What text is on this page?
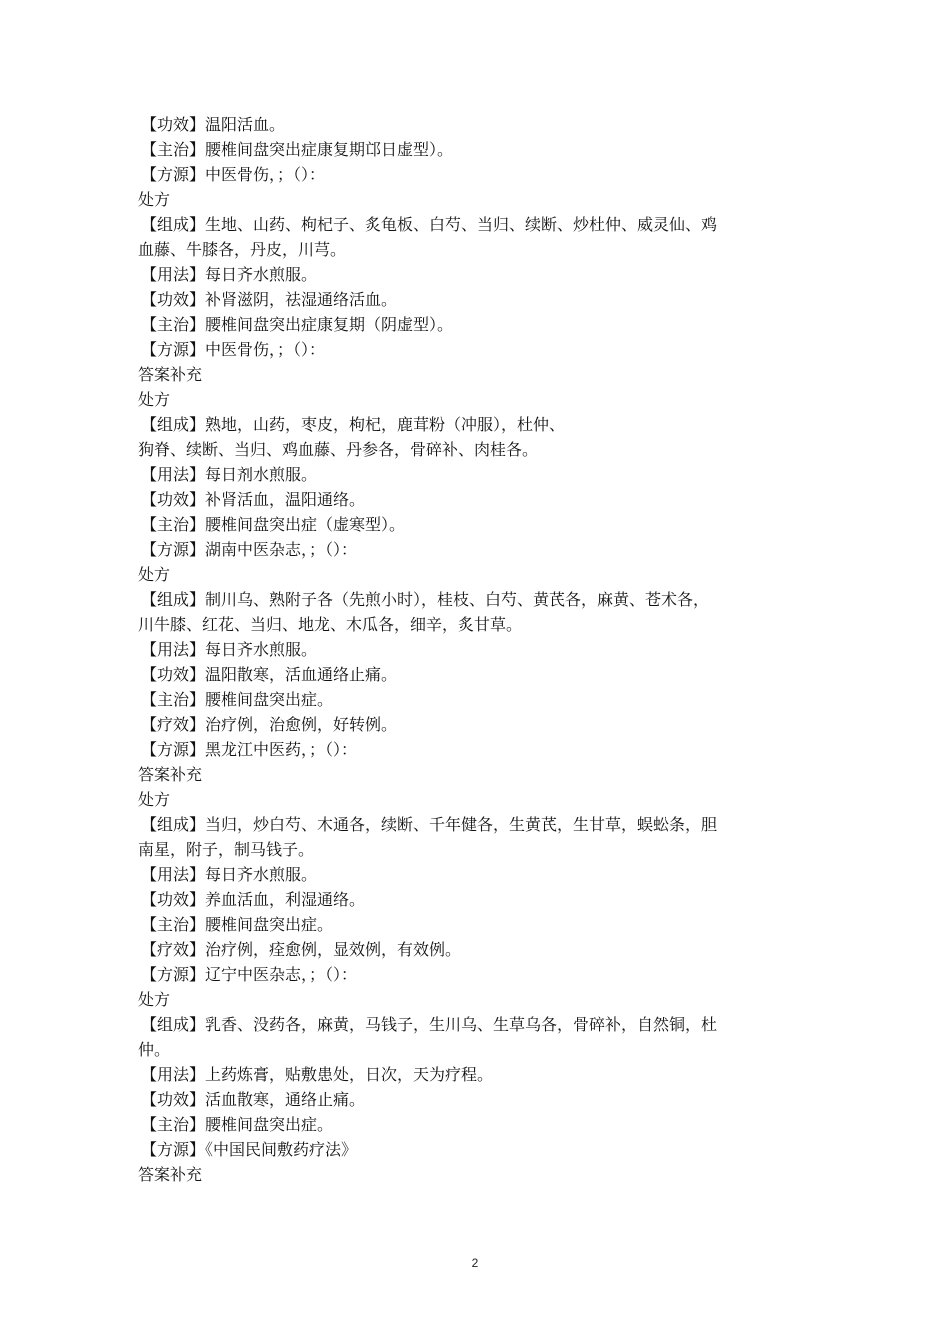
【功效】温阳活血。
【主治】腰椎间盘突出症康复期邙日虚型）。
【方源】中医骨伤，；（）：
处方
【组成】生地、山药、枸杞子、炙龟板、白芍、当归、续断、炒杜仲、威灵仙、鸡
血藤、牛膝各，丹皮，川芎。
【用法】每日齐水煎服。
【功效】补肾滋阴，祛湿通络活血。
【主治】腰椎间盘突出症康复期（阴虚型）。
【方源】中医骨伤，；（）：
答案补充
处方
【组成】熟地，山药，枣皮，枸杞，鹿茸粉（冲服），杜仲、
狗脊、续断、当归、鸡血藤、丹参各，骨碎补、肉桂各。
【用法】每日剂水煎服。
【功效】补肾活血，温阳通络。
【主治】腰椎间盘突出症（虚寒型）。
【方源】湖南中医杂志，；（）：
处方
【组成】制川乌、熟附子各（先煎小时），桂枝、白芍、黄芪各，麻黄、苍术各，
川牛膝、红花、当归、地龙、木瓜各，细辛，炙甘草。
【用法】每日齐水煎服。
【功效】温阳散寒，活血通络止痛。
【主治】腰椎间盘突出症。
【疗效】治疗例，治愈例，好转例。
【方源】黑龙江中医药，；（）：
答案补充
处方
【组成】当归，炒白芍、木通各，续断、千年健各，生黄芪，生甘草，蜈蚣条，胆
南星，附子，制马钱子。
【用法】每日齐水煎服。
【功效】养血活血，利湿通络。
【主治】腰椎间盘突出症。
【疗效】治疗例，痊愈例，显效例，有效例。
【方源】辽宁中医杂志，；（）：
处方
【组成】乳香、没药各，麻黄，马钱子，生川乌、生草乌各，骨碎补，自然铜，杜
仲。
【用法】上药炼膏，贴敷患处，日次，天为疗程。
【功效】活血散寒，通络止痛。
【主治】腰椎间盘突出症。
【方源】《中国民间敷药疗法》
答案补充
2
